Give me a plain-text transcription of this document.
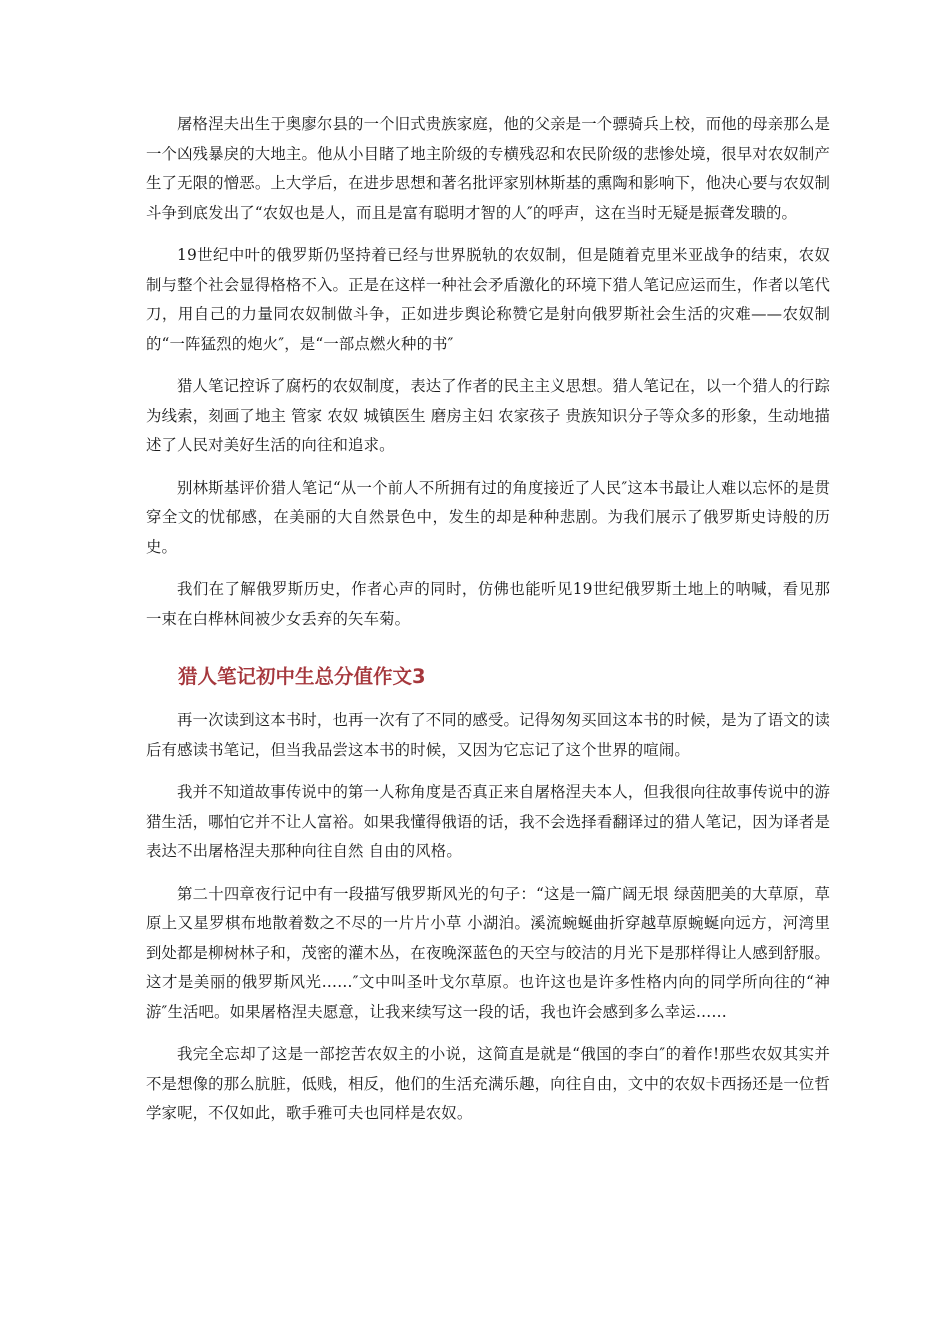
屠格涅夫出生于奥廖尔县的一个旧式贵族家庭，他的父亲是一个骠骑兵上校，而他的母亲那么是一个凶残暴戾的大地主。他从小目睹了地主阶级的专横残忍和农民阶级的悲惨处境，很早对农奴制产生了无限的憎恶。上大学后，在进步思想和著名批评家别林斯基的熏陶和影响下，他决心要与农奴制斗争到底发出了“农奴也是人，而且是富有聪明才智的人″的呼声，这在当时无疑是振聋发聩的。

19世纪中叶的俄罗斯仍坚持着已经与世界脱轨的农奴制，但是随着克里米亚战争的结束，农奴制与整个社会显得格格不入。正是在这样一种社会矛盾激化的环境下猎人笔记应运而生，作者以笔代刀，用自己的力量同农奴制做斗争，正如进步舆论称赞它是射向俄罗斯社会生活的灾难——农奴制的“一阵猛烈的炮火″，是“一部点燃火种的书″

猎人笔记控诉了腐朽的农奴制度，表达了作者的民主主义思想。猎人笔记在，以一个猎人的行踪为线索，刻画了地主 管家 农奴 城镇医生 磨房主妇 农家孩子 贵族知识分子等众多的形象，生动地描述了人民对美好生活的向往和追求。

别林斯基评价猎人笔记“从一个前人不所拥有过的角度接近了人民″这本书最让人难以忘怀的是贯穿全文的忧郁感，在美丽的大自然景色中，发生的却是种种悲剧。为我们展示了俄罗斯史诗般的历史。

我们在了解俄罗斯历史，作者心声的同时，仿佛也能听见19世纪俄罗斯土地上的呐喊，看见那一束在白桦林间被少女丢弃的矢车菊。

猎人笔记初中生总分值作文3

再一次读到这本书时，也再一次有了不同的感受。记得匆匆买回这本书的时候，是为了语文的读后有感读书笔记，但当我品尝这本书的时候，又因为它忘记了这个世界的喧闹。

我并不知道故事传说中的第一人称角度是否真正来自屠格涅夫本人，但我很向往故事传说中的游猎生活，哪怕它并不让人富裕。如果我懂得俄语的话，我不会选择看翻译过的猎人笔记，因为译者是表达不出屠格涅夫那种向往自然 自由的风格。

第二十四章夜行记中有一段描写俄罗斯风光的句子：“这是一篇广阔无垠 绿茵肥美的大草原，草原上又星罗棋布地散着数之不尽的一片片小草 小湖泊。溪流蜿蜒曲折穿越草原蜿蜒向远方，河湾里到处都是柳树林子和，茂密的灌木丛，在夜晚深蓝色的天空与皎洁的月光下是那样得让人感到舒服。这才是美丽的俄罗斯风光……″文中叫圣叶戈尔草原。也许这也是许多性格内向的同学所向往的“神游″生活吧。如果屠格涅夫愿意，让我来续写这一段的话，我也许会感到多么幸运……

我完全忘却了这是一部挖苦农奴主的小说，这简直是就是“俄国的李白″的着作!那些农奴其实并不是想像的那么肮脏，低贱，相反，他们的生活充满乐趣，向往自由，文中的农奴卡西扬还是一位哲学家呢，不仅如此，歌手雅可夫也同样是农奴。
